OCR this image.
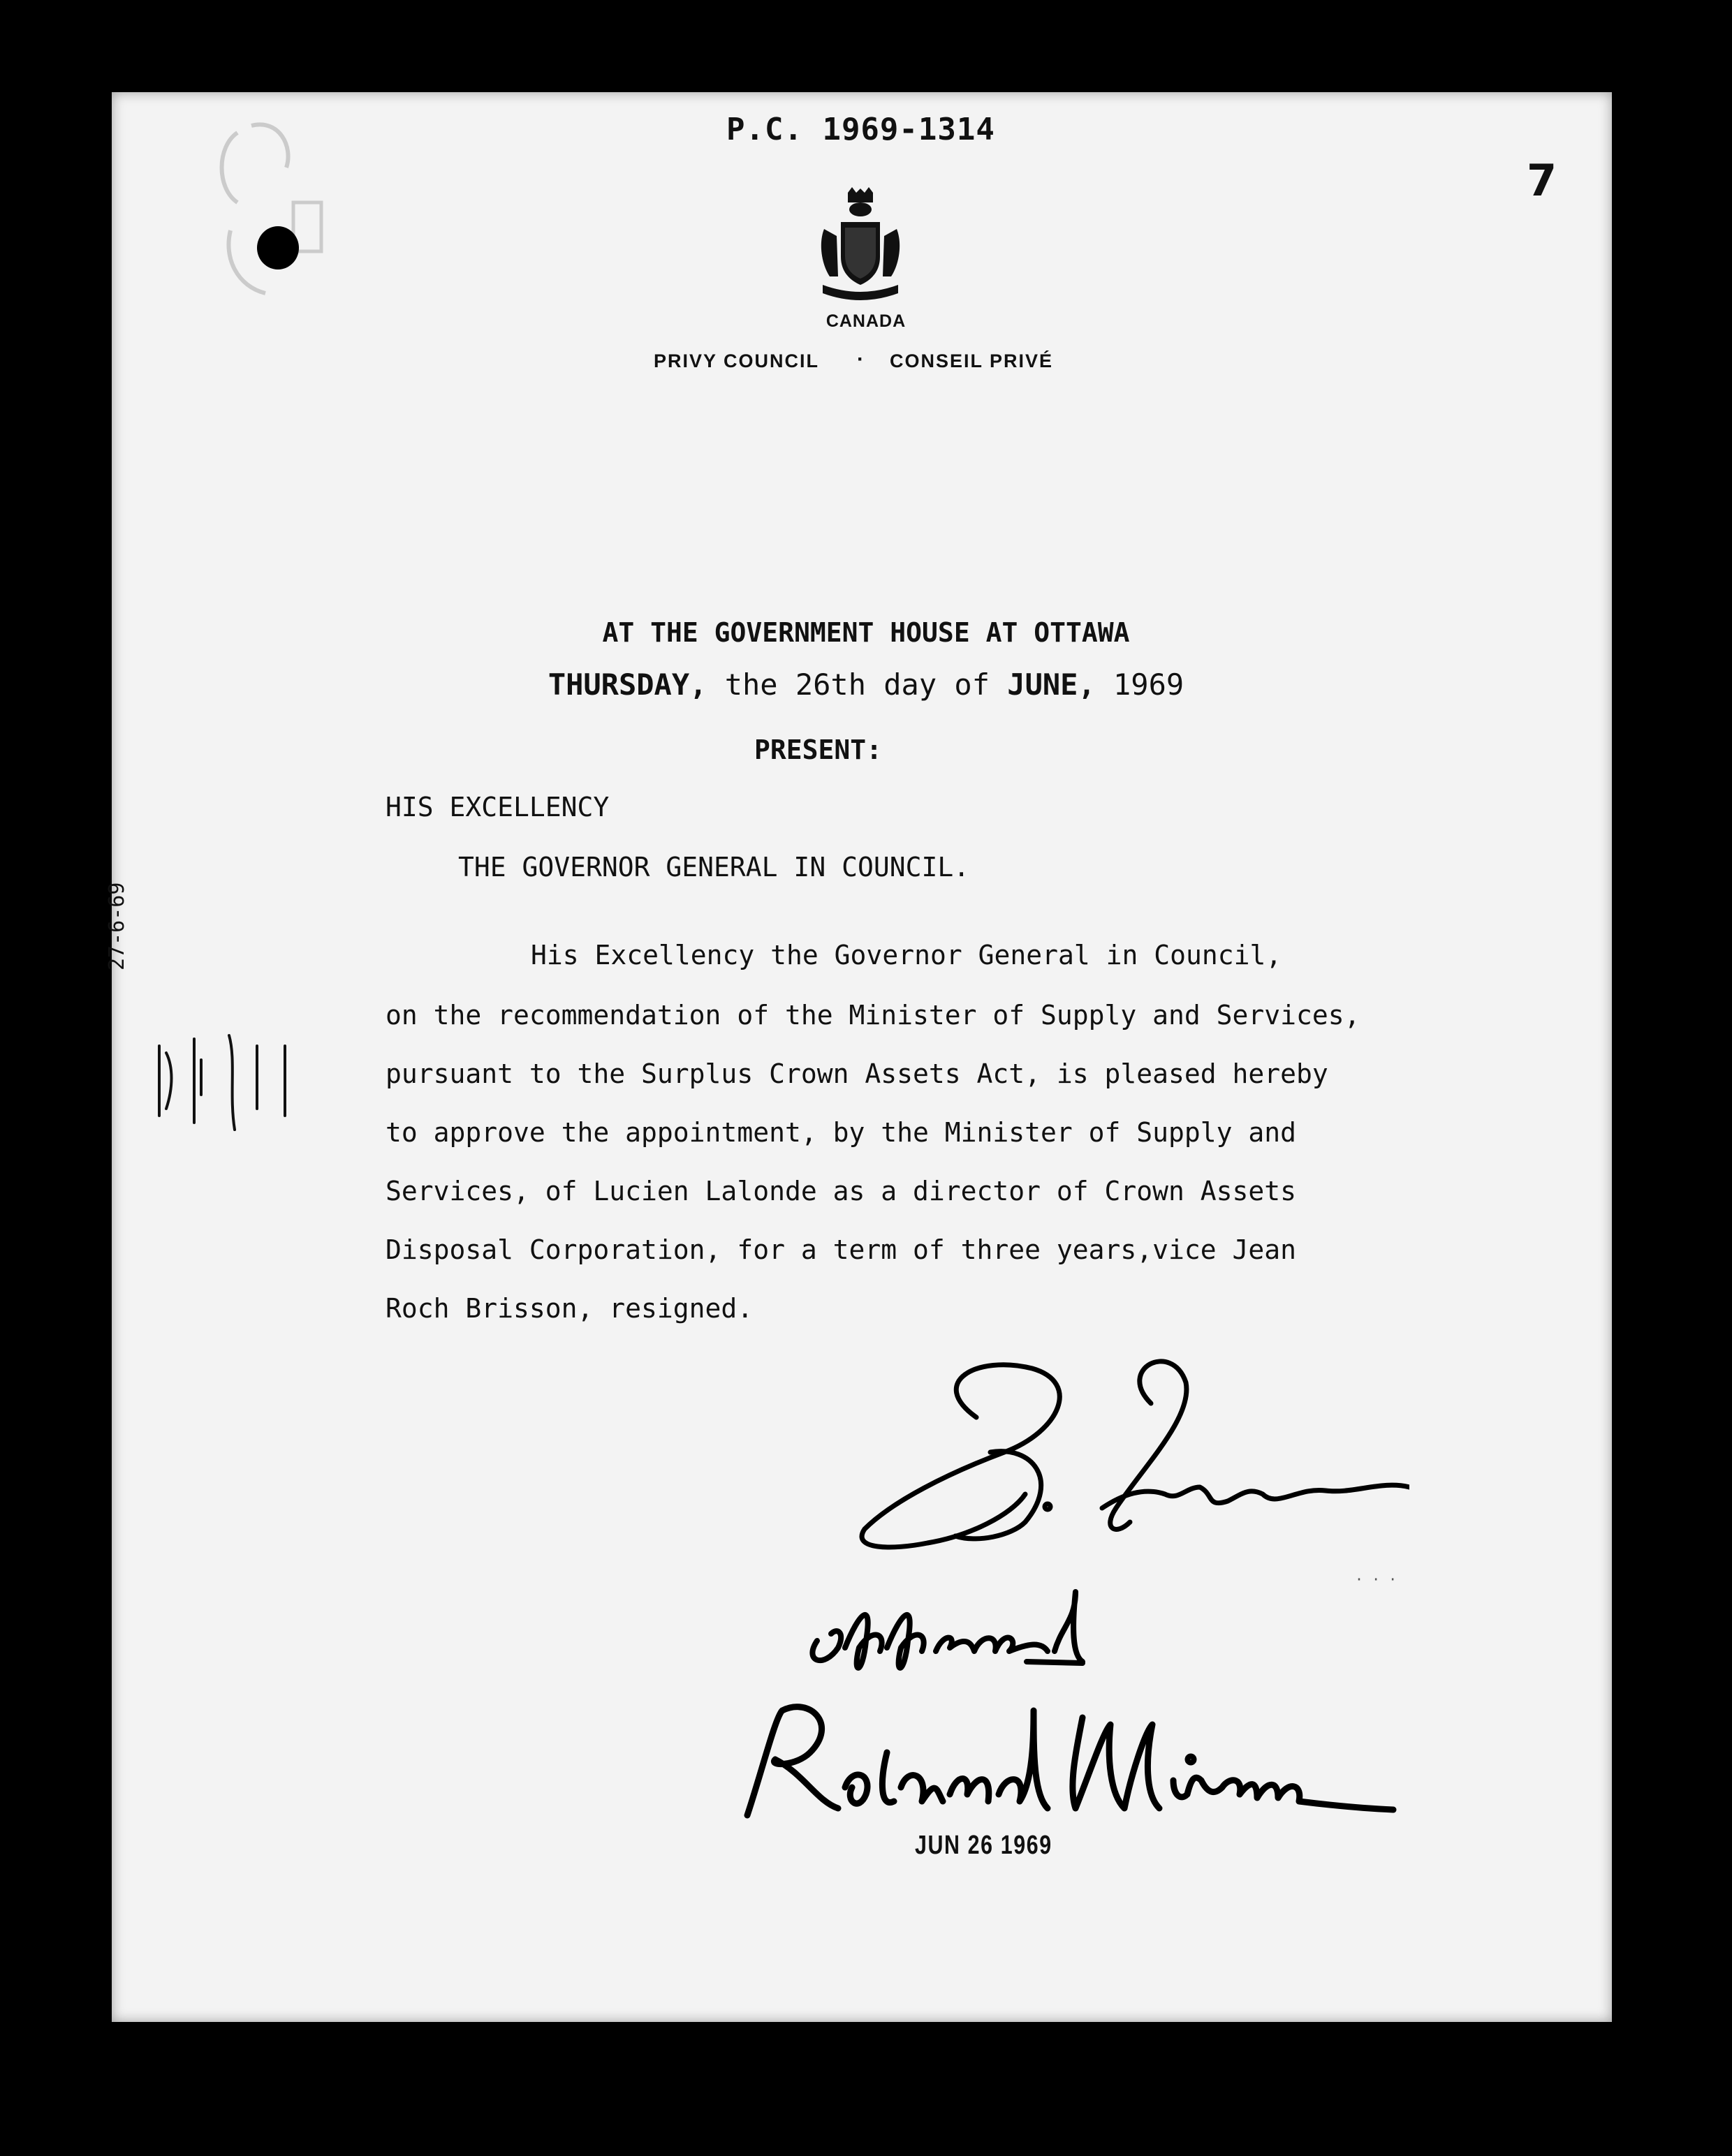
P.C. 1969-1314
7
CANADA
PRIVY COUNCIL · CONSEIL PRIVÉ
AT THE GOVERNMENT HOUSE AT OTTAWA
THURSDAY, the 26th day of JUNE, 1969
PRESENT:
HIS EXCELLENCY
THE GOVERNOR GENERAL IN COUNCIL.
His Excellency the Governor General in Council,
on the recommendation of the Minister of Supply and Services,
pursuant to the Surplus Crown Assets Act, is pleased hereby
to approve the appointment, by the Minister of Supply and
Services, of Lucien Lalonde as a director of Crown Assets
Disposal Corporation, for a term of three years,vice Jean
Roch Brisson, resigned.
27-6-69
· · ·
JUN 26 1969
